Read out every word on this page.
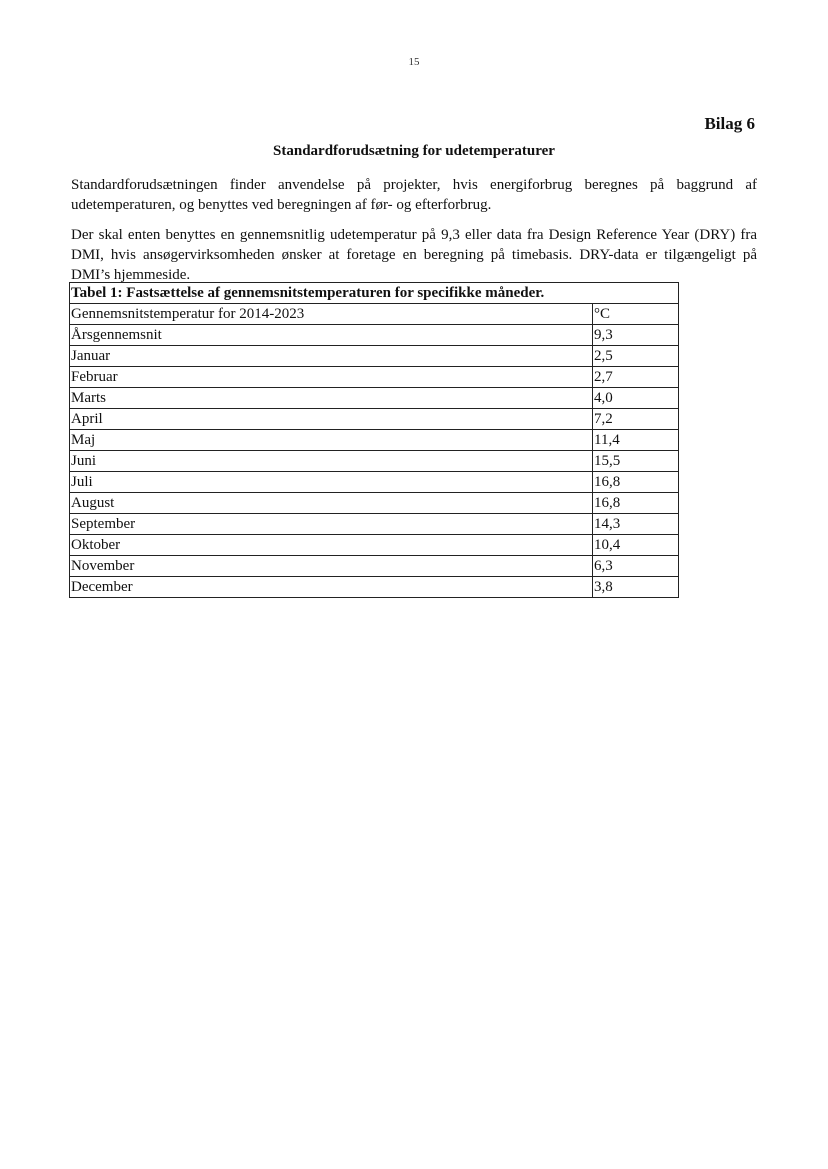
15
Bilag 6
Standardforudsætning for udetemperaturer

Standardforudsætningen finder anvendelse på projekter, hvis energiforbrug beregnes på baggrund af udetemperaturen, og benyttes ved beregningen af før- og efterforbrug.

Der skal enten benyttes en gennemsnitlig udetemperatur på 9,3 eller data fra Design Reference Year (DRY) fra DMI, hvis ansøgervirksomheden ønsker at foretage en beregning på timebasis. DRY-data er tilgængeligt på DMI’s hjemmeside.

Tabel 1: Fastsættelse af gennemsnitstemperaturen for specifikke måneder.	
Gennemsnitstemperatur for 2014-2023	°C
Årsgennemsnit	9,3
Januar	2,5
Februar	2,7
Marts	4,0
April	7,2
Maj	11,4
Juni	15,5
Juli	16,8
August	16,8
September	14,3
Oktober	10,4
November	6,3
December	3,8
